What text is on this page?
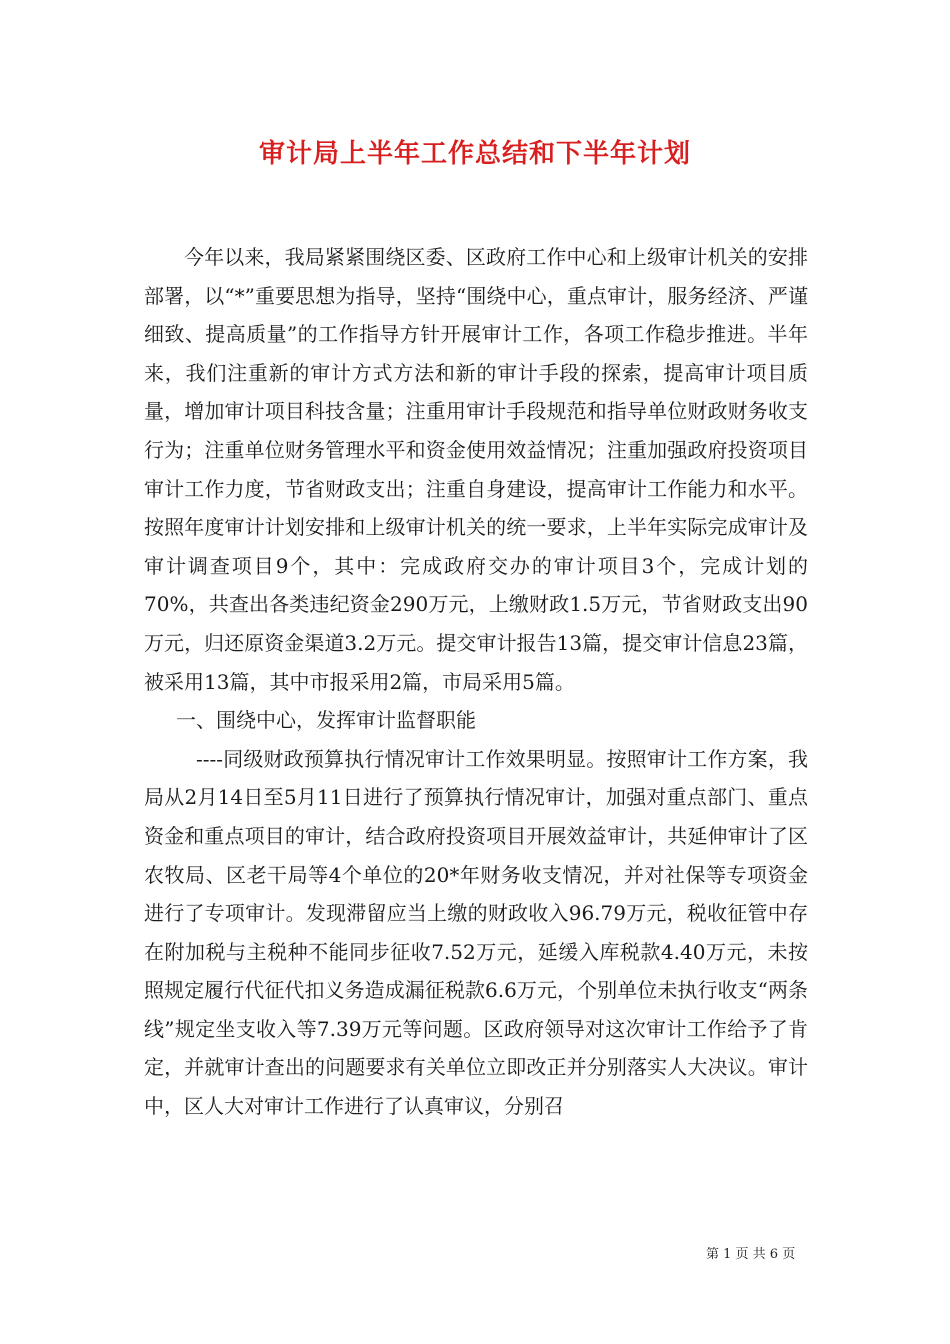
审计局上半年工作总结和下半年计划

今年以来，我局紧紧围绕区委、区政府工作中心和上级审计机关的安排部署，以“*”重要思想为指导，坚持“围绕中心，重点审计，服务经济、严谨细致、提高质量”的工作指导方针开展审计工作，各项工作稳步推进。半年来，我们注重新的审计方式方法和新的审计手段的探索，提高审计项目质量，增加审计项目科技含量；注重用审计手段规范和指导单位财政财务收支行为；注重单位财务管理水平和资金使用效益情况；注重加强政府投资项目审计工作力度，节省财政支出；注重自身建设，提高审计工作能力和水平。按照年度审计计划安排和上级审计机关的统一要求，上半年实际完成审计及审计调查项目9个，其中：完成政府交办的审计项目3个，完成计划的70%，共查出各类违纪资金290万元，上缴财政1.5万元，节省财政支出90万元，归还原资金渠道3.2万元。提交审计报告13篇，提交审计信息23篇，被采用13篇，其中市报采用2篇，市局采用5篇。

一、围绕中心，发挥审计监督职能

----同级财政预算执行情况审计工作效果明显。按照审计工作方案，我局从2月14日至5月11日进行了预算执行情况审计，加强对重点部门、重点资金和重点项目的审计，结合政府投资项目开展效益审计，共延伸审计了区农牧局、区老干局等4个单位的20*年财务收支情况，并对社保等专项资金进行了专项审计。发现滞留应当上缴的财政收入96.79万元，税收征管中存在附加税与主税种不能同步征收7.52万元，延缓入库税款4.40万元，未按照规定履行代征代扣义务造成漏征税款6.6万元，个别单位未执行收支“两条线”规定坐支收入等7.39万元等问题。区政府领导对这次审计工作给予了肯定，并就审计查出的问题要求有关单位立即改正并分别落实人大决议。审计中，区人大对审计工作进行了认真审议，分别召

第 1 页 共 6 页
